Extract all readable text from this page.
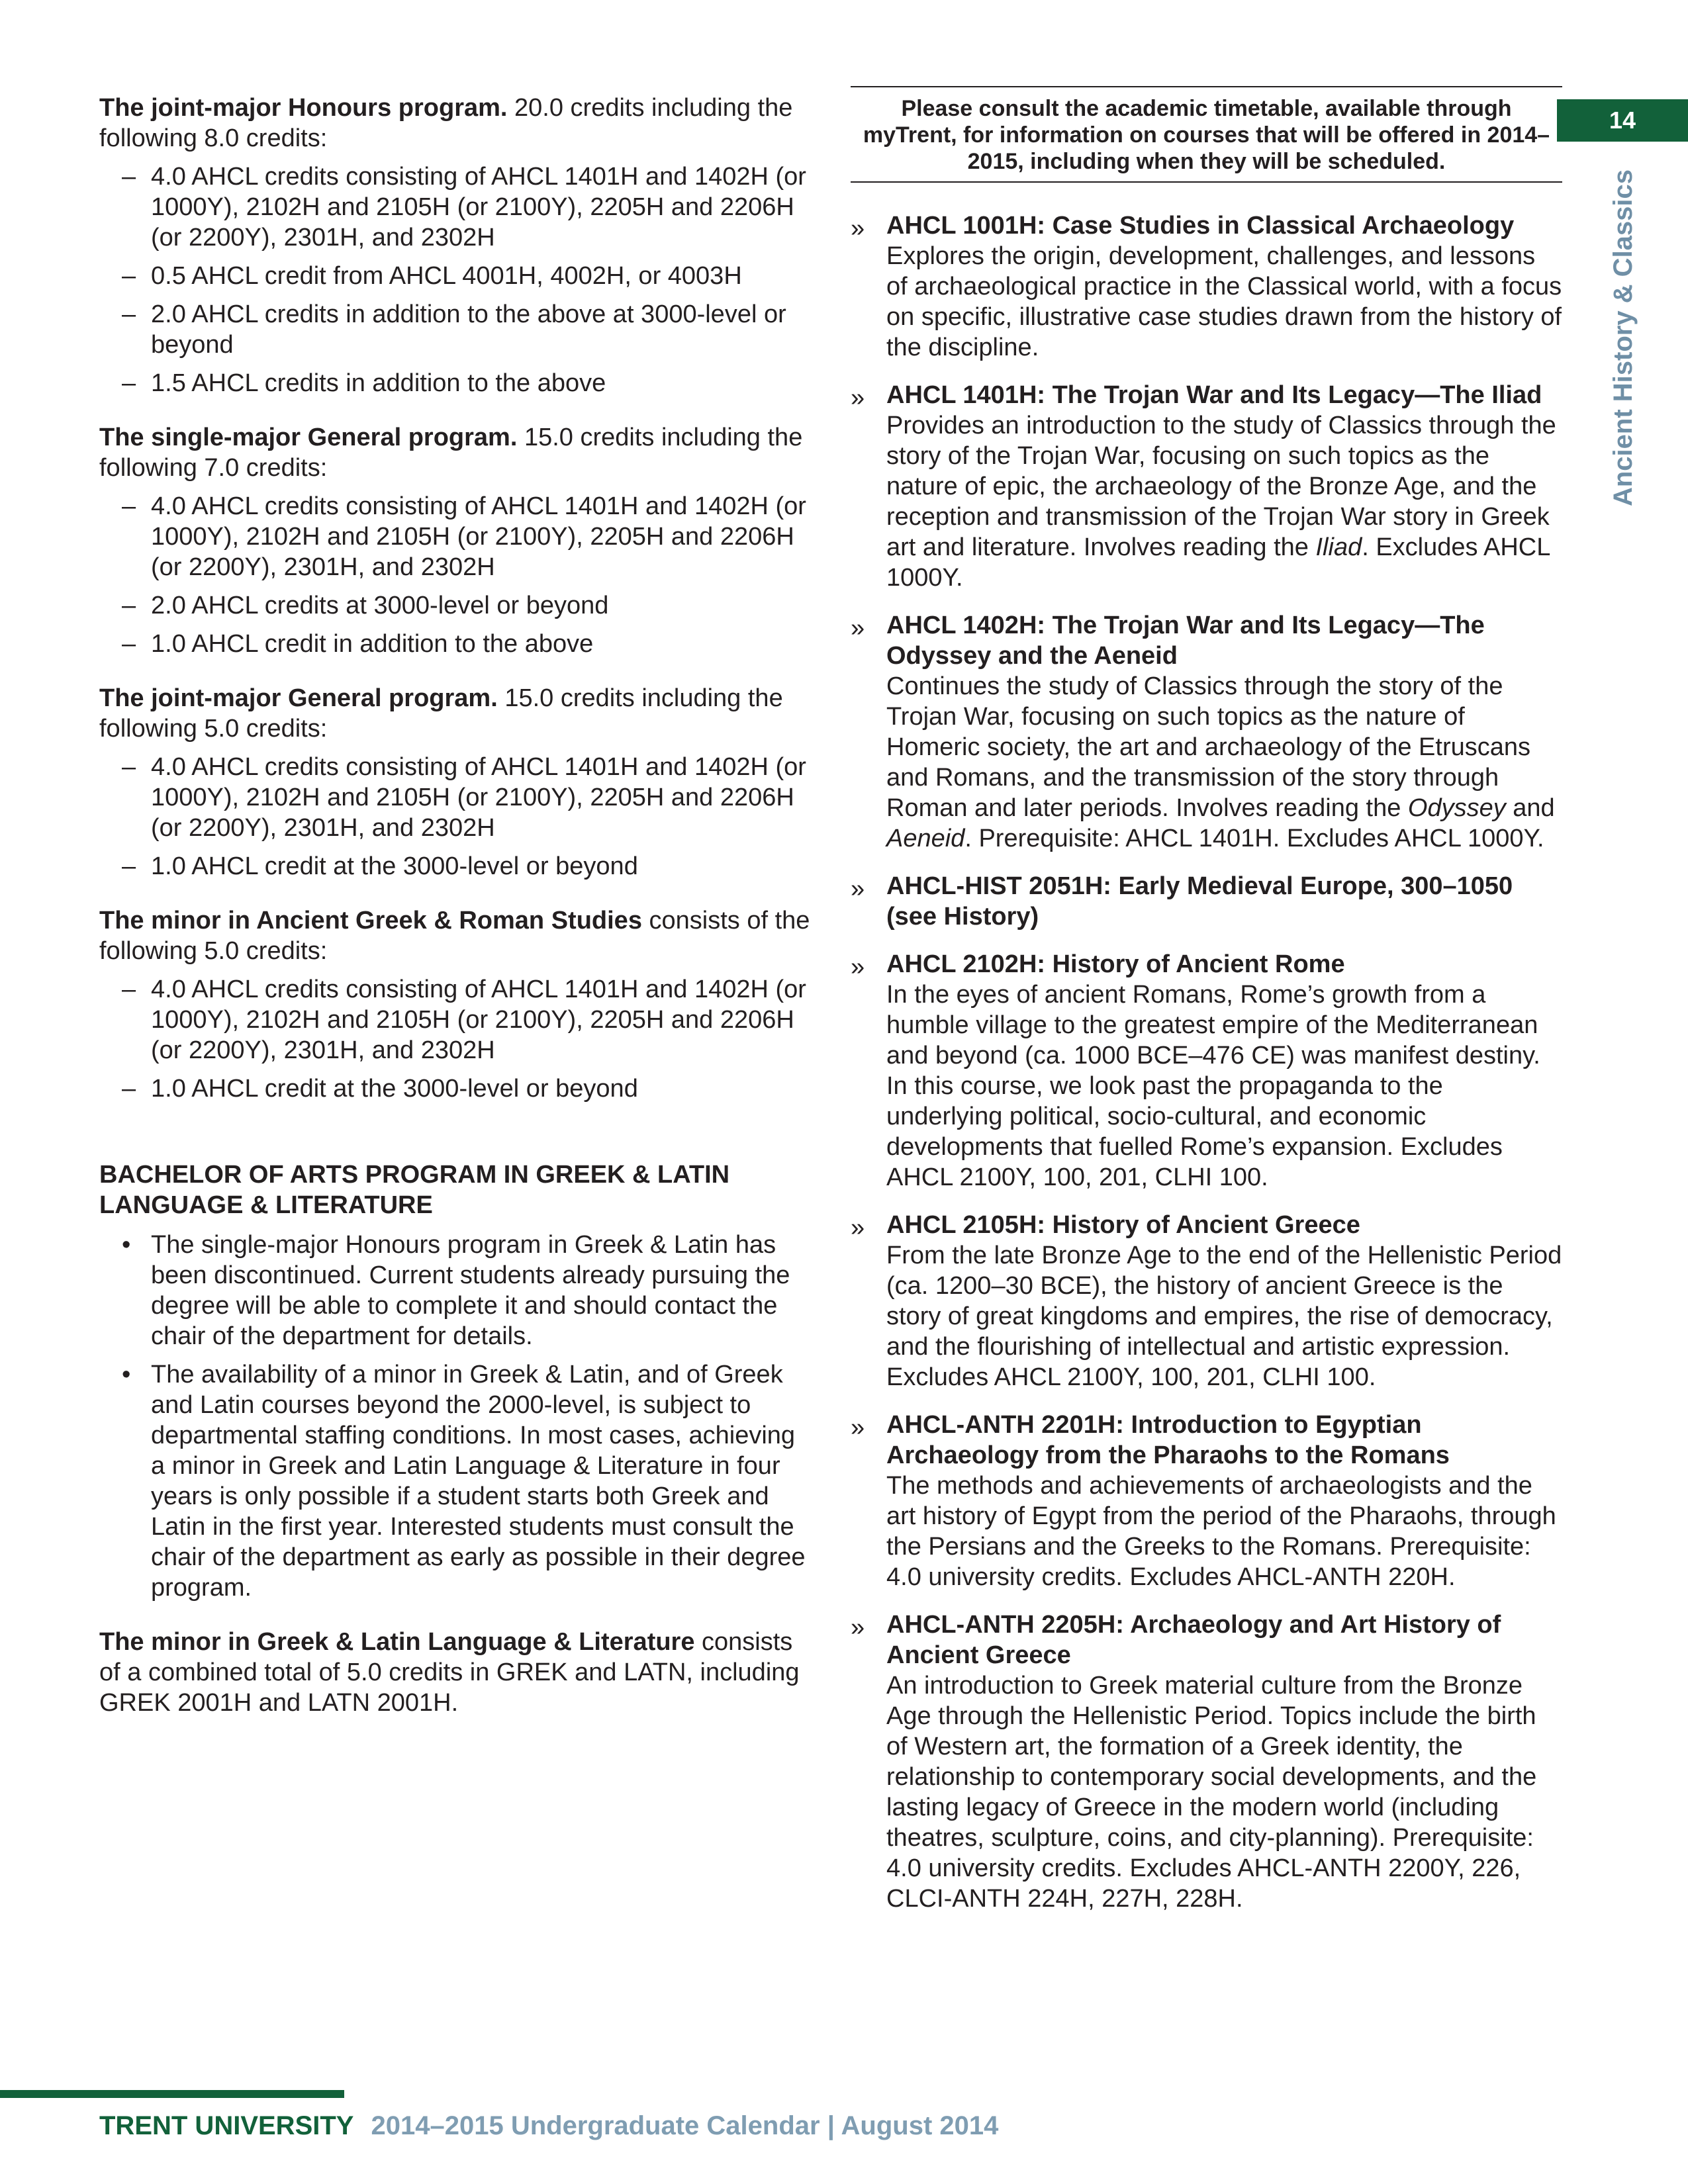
14
Ancient History & Classics

The joint-major Honours program. 20.0 credits including the following 8.0 credits:

– 4.0 AHCL credits consisting of AHCL 1401H and 1402H (or 1000Y), 2102H and 2105H (or 2100Y), 2205H and 2206H (or 2200Y), 2301H, and 2302H
– 0.5 AHCL credit from AHCL 4001H, 4002H, or 4003H
– 2.0 AHCL credits in addition to the above at 3000-level or beyond
– 1.5 AHCL credits in addition to the above

The single-major General program. 15.0 credits including the following 7.0 credits:

– 4.0 AHCL credits consisting of AHCL 1401H and 1402H (or 1000Y), 2102H and 2105H (or 2100Y), 2205H and 2206H (or 2200Y), 2301H, and 2302H
– 2.0 AHCL credits at 3000-level or beyond
– 1.0 AHCL credit in addition to the above

The joint-major General program. 15.0 credits including the following 5.0 credits:

– 4.0 AHCL credits consisting of AHCL 1401H and 1402H (or 1000Y), 2102H and 2105H (or 2100Y), 2205H and 2206H (or 2200Y), 2301H, and 2302H
– 1.0 AHCL credit at the 3000-level or beyond

The minor in Ancient Greek & Roman Studies consists of the following 5.0 credits:

– 4.0 AHCL credits consisting of AHCL 1401H and 1402H (or 1000Y), 2102H and 2105H (or 2100Y), 2205H and 2206H (or 2200Y), 2301H, and 2302H
– 1.0 AHCL credit at the 3000-level or beyond
BACHELOR OF ARTS PROGRAM IN GREEK & LATIN LANGUAGE & LITERATURE
• The single-major Honours program in Greek & Latin has been discontinued. Current students already pursuing the degree will be able to complete it and should contact the chair of the department for details.
• The availability of a minor in Greek & Latin, and of Greek and Latin courses beyond the 2000-level, is subject to departmental staffing conditions. In most cases, achieving a minor in Greek and Latin Language & Literature in four years is only possible if a student starts both Greek and Latin in the first year. Interested students must consult the chair of the department as early as possible in their degree program.

The minor in Greek & Latin Language & Literature consists of a combined total of 5.0 credits in GREK and LATN, including GREK 2001H and LATN 2001H.

Please consult the academic timetable, available through myTrent, for information on courses that will be offered in 2014–2015, including when they will be scheduled.
» AHCL 1001H: Case Studies in Classical Archaeology
Explores the origin, development, challenges, and lessons of archaeological practice in the Classical world, with a focus on specific, illustrative case studies drawn from the history of the discipline.
» AHCL 1401H: The Trojan War and Its Legacy—The Iliad
Provides an introduction to the study of Classics through the story of the Trojan War, focusing on such topics as the nature of epic, the archaeology of the Bronze Age, and the reception and transmission of the Trojan War story in Greek art and literature. Involves reading the Iliad. Excludes AHCL 1000Y.
» AHCL 1402H: The Trojan War and Its Legacy—The Odyssey and the Aeneid
Continues the study of Classics through the story of the Trojan War, focusing on such topics as the nature of Homeric society, the art and archaeology of the Etruscans and Romans, and the transmission of the story through Roman and later periods. Involves reading the Odyssey and Aeneid. Prerequisite: AHCL 1401H. Excludes AHCL 1000Y.
» AHCL-HIST 2051H: Early Medieval Europe, 300–1050 (see History)
» AHCL 2102H: History of Ancient Rome
In the eyes of ancient Romans, Rome’s growth from a humble village to the greatest empire of the Mediterranean and beyond (ca. 1000 BCE–476 CE) was manifest destiny. In this course, we look past the propaganda to the underlying political, socio-cultural, and economic developments that fuelled Rome’s expansion. Excludes AHCL 2100Y, 100, 201, CLHI 100.
» AHCL 2105H: History of Ancient Greece
From the late Bronze Age to the end of the Hellenistic Period (ca. 1200–30 BCE), the history of ancient Greece is the story of great kingdoms and empires, the rise of democracy, and the flourishing of intellectual and artistic expression. Excludes AHCL 2100Y, 100, 201, CLHI 100.
» AHCL-ANTH 2201H: Introduction to Egyptian Archaeology from the Pharaohs to the Romans
The methods and achievements of archaeologists and the art history of Egypt from the period of the Pharaohs, through the Persians and the Greeks to the Romans. Prerequisite: 4.0 university credits. Excludes AHCL-ANTH 220H.
» AHCL-ANTH 2205H: Archaeology and Art History of Ancient Greece
An introduction to Greek material culture from the Bronze Age through the Hellenistic Period. Topics include the birth of Western art, the formation of a Greek identity, the relationship to contemporary social developments, and the lasting legacy of Greece in the modern world (including theatres, sculpture, coins, and city-planning). Prerequisite: 4.0 university credits. Excludes AHCL-ANTH 2200Y, 226, CLCI-ANTH 224H, 227H, 228H.
TRENT UNIVERSITY 2014–2015 Undergraduate Calendar | August 2014
